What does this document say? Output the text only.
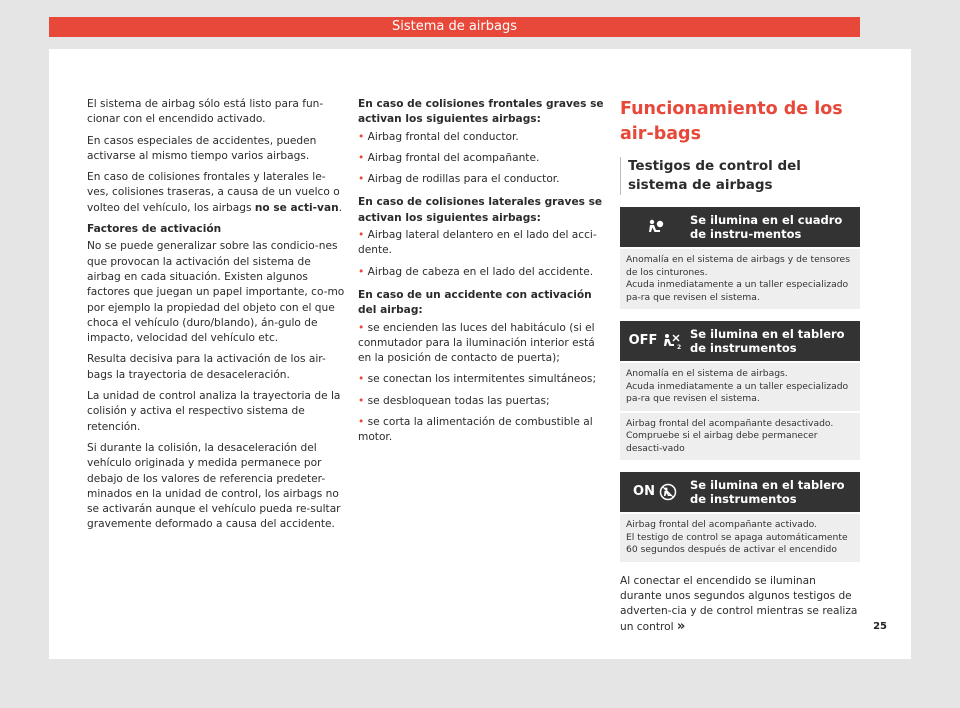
Sistema de airbags

El sistema de airbag sólo está listo para fun-cionar con el encendido activado.

En casos especiales de accidentes, pueden activarse al mismo tiempo varios airbags.

En caso de colisiones frontales y laterales le-ves, colisiones traseras, a causa de un vuelco o volteo del vehículo, los airbags no se acti-van.

Factores de activación

No se puede generalizar sobre las condicio-nes que provocan la activación del sistema de airbag en cada situación. Existen algunos factores que juegan un papel importante, co-mo por ejemplo la propiedad del objeto con el que choca el vehículo (duro/blando), án-gulo de impacto, velocidad del vehículo etc.

Resulta decisiva para la activación de los air-bags la trayectoria de desaceleración.

La unidad de control analiza la trayectoria de la colisión y activa el respectivo sistema de retención.

Si durante la colisión, la desaceleración del vehículo originada y medida permanece por debajo de los valores de referencia predeter-minados en la unidad de control, los airbags no se activarán aunque el vehículo pueda re-sultar gravemente deformado a causa del accidente.

En caso de colisiones frontales graves se activan los siguientes airbags:

• Airbag frontal del conductor.

• Airbag frontal del acompañante.

• Airbag de rodillas para el conductor.

En caso de colisiones laterales graves se activan los siguientes airbags:

• Airbag lateral delantero en el lado del acci-dente.

• Airbag de cabeza en el lado del accidente.

En caso de un accidente con activación del airbag:

• se encienden las luces del habitáculo (si el conmutador para la iluminación interior está en la posición de contacto de puerta);

• se conectan los intermitentes simultáneos;

• se desbloquean todas las puertas;

• se corta la alimentación de combustible al motor.

Funcionamiento de los air-bags
Testigos de control del sistema de airbags
Se ilumina en el cuadro de instru-mentos
Anomalía en el sistema de airbags y de tensores de los cinturones.
Acuda inmediatamente a un taller especializado pa-ra que revisen el sistema.
OFF	2
Se ilumina en el tablero de instrumentos
Anomalía en el sistema de airbags.
Acuda inmediatamente a un taller especializado pa-ra que revisen el sistema.
Airbag frontal del acompañante desactivado.
Compruebe si el airbag debe permanecer desacti-vado
ON	Se ilumina en el tablero de instrumentos
Airbag frontal del acompañante activado.
El testigo de control se apaga automáticamente 60 segundos después de activar el encendido
Al conectar el encendido se iluminan durante unos segundos algunos testigos de adverten-cia y de control mientras se realiza un control »	25
